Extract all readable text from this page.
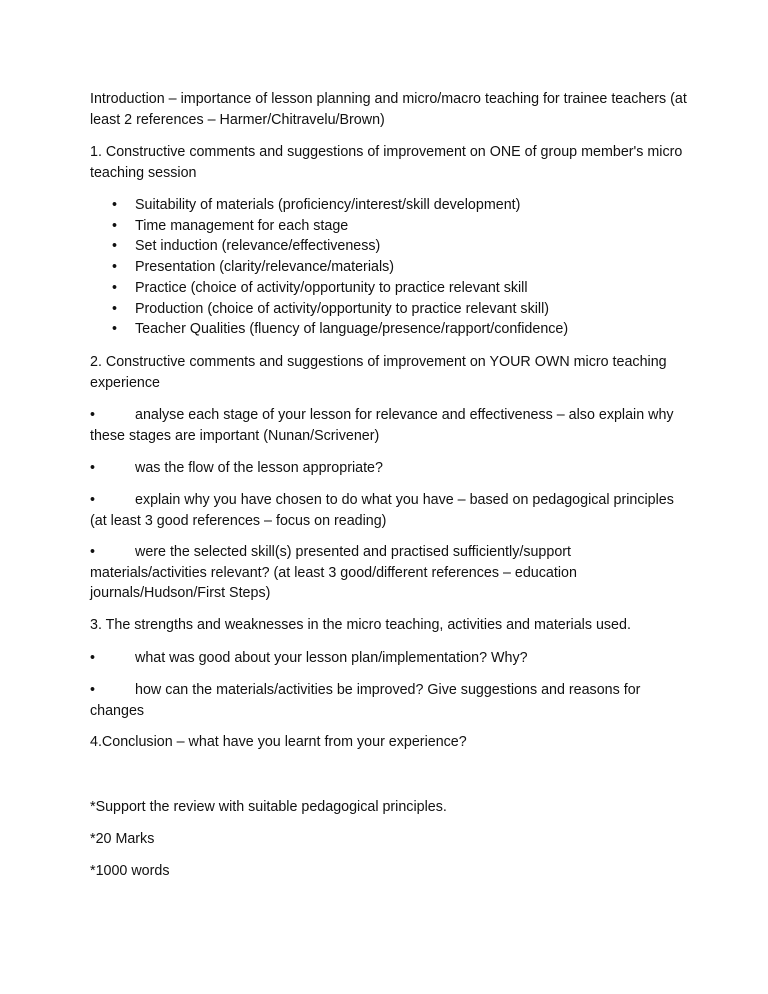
Introduction – importance of lesson planning and micro/macro teaching for trainee teachers (at least 2 references – Harmer/Chitravelu/Brown)

1. Constructive comments and suggestions of improvement on ONE of group member's micro teaching session

• Suitability of materials (proficiency/interest/skill development)
• Time management for each stage
• Set induction (relevance/effectiveness)
• Presentation (clarity/relevance/materials)
• Practice (choice of activity/opportunity to practice relevant skill
• Production (choice of activity/opportunity to practice relevant skill)
• Teacher Qualities (fluency of language/presence/rapport/confidence)

2. Constructive comments and suggestions of improvement on YOUR OWN micro teaching experience

•	analyse each stage of your lesson for relevance and effectiveness – also explain why these stages are important (Nunan/Scrivener)

•	was the flow of the lesson appropriate?

•	explain why you have chosen to do what you have – based on pedagogical principles (at least 3 good references – focus on reading)

•	were the selected skill(s) presented and practised sufficiently/support materials/activities relevant? (at least 3 good/different references – education journals/Hudson/First Steps)

3. The strengths and weaknesses in the micro teaching, activities and materials used.

•	what was good about your lesson plan/implementation? Why?

•	how can the materials/activities be improved? Give suggestions and reasons for changes

4.Conclusion – what have you learnt from your experience?

*Support the review with suitable pedagogical principles.

*20 Marks

*1000 words
